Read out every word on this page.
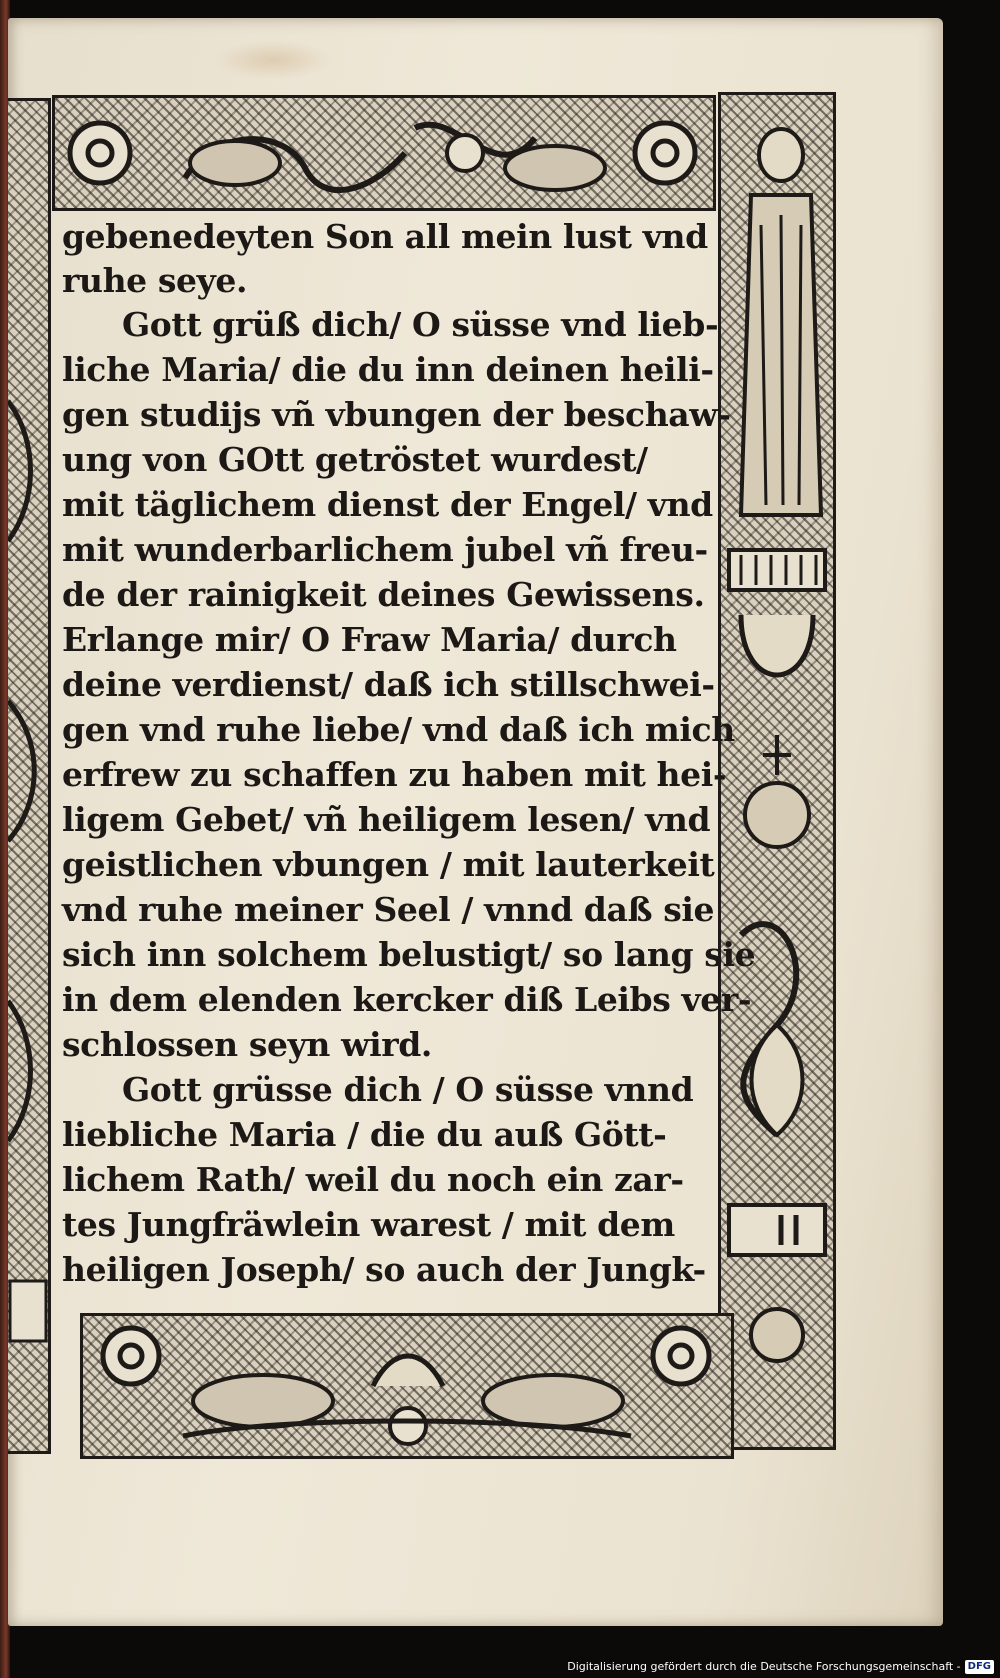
gebenedeyten Son all mein lust vnd
ruhe seye.
Gott grüß dich/ O süsse vnd lieb-
liche Maria/ die du inn deinen heili-
gen studijs vñ vbungen der beschaw-
ung von GOtt getröstet wurdest/
mit täglichem dienst der Engel/ vnd
mit wunderbarlichem jubel vñ freu-
de der rainigkeit deines Gewissens.
Erlange mir/ O Fraw Maria/ durch
deine verdienst/ daß ich stillschwei-
gen vnd ruhe liebe/ vnd daß ich mich
erfrew zu schaffen zu haben mit hei-
ligem Gebet/ vñ heiligem lesen/ vnd
geistlichen vbungen / mit lauterkeit
vnd ruhe meiner Seel / vnnd daß sie
sich inn solchem belustigt/ so lang sie
in dem elenden kercker diß Leibs ver-
schlossen seyn wird.
Gott grüsse dich / O süsse vnnd
liebliche Maria / die du auß Gött-
lichem Rath/ weil du noch ein zar-
tes Jungfräwlein warest / mit dem
heiligen Joseph/ so auch der Jungk-
Digitalisierung gefördert durch die Deutsche Forschungsgemeinschaft - DFG
